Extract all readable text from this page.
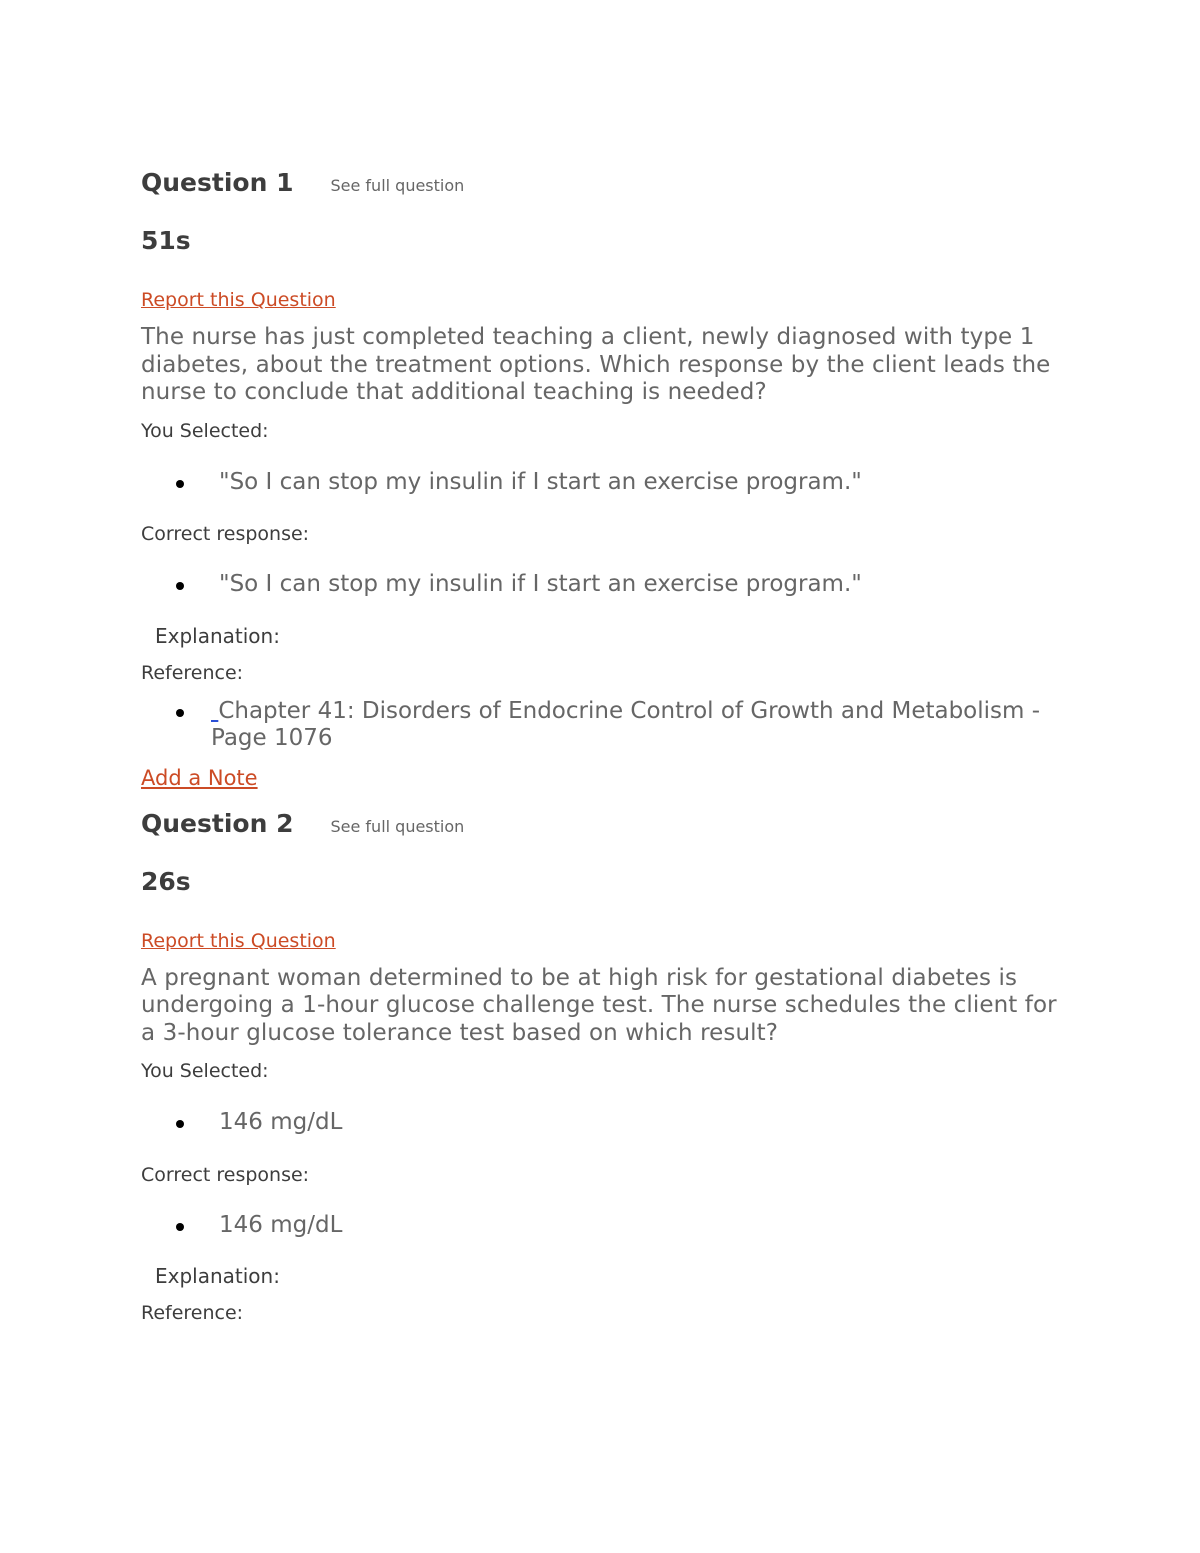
Question 1 See full question
51s
Report this Question
The nurse has just completed teaching a client, newly diagnosed with type 1 diabetes, about the treatment options. Which response by the client leads the nurse to conclude that additional teaching is needed?
You Selected:
"So I can stop my insulin if I start an exercise program."
Correct response:
"So I can stop my insulin if I start an exercise program."
Explanation:
Reference:
Chapter 41: Disorders of Endocrine Control of Growth and Metabolism - Page 1076
Add a Note
Question 2 See full question
26s
Report this Question
A pregnant woman determined to be at high risk for gestational diabetes is undergoing a 1-hour glucose challenge test. The nurse schedules the client for a 3-hour glucose tolerance test based on which result?
You Selected:
146 mg/dL
Correct response:
146 mg/dL
Explanation:
Reference:
